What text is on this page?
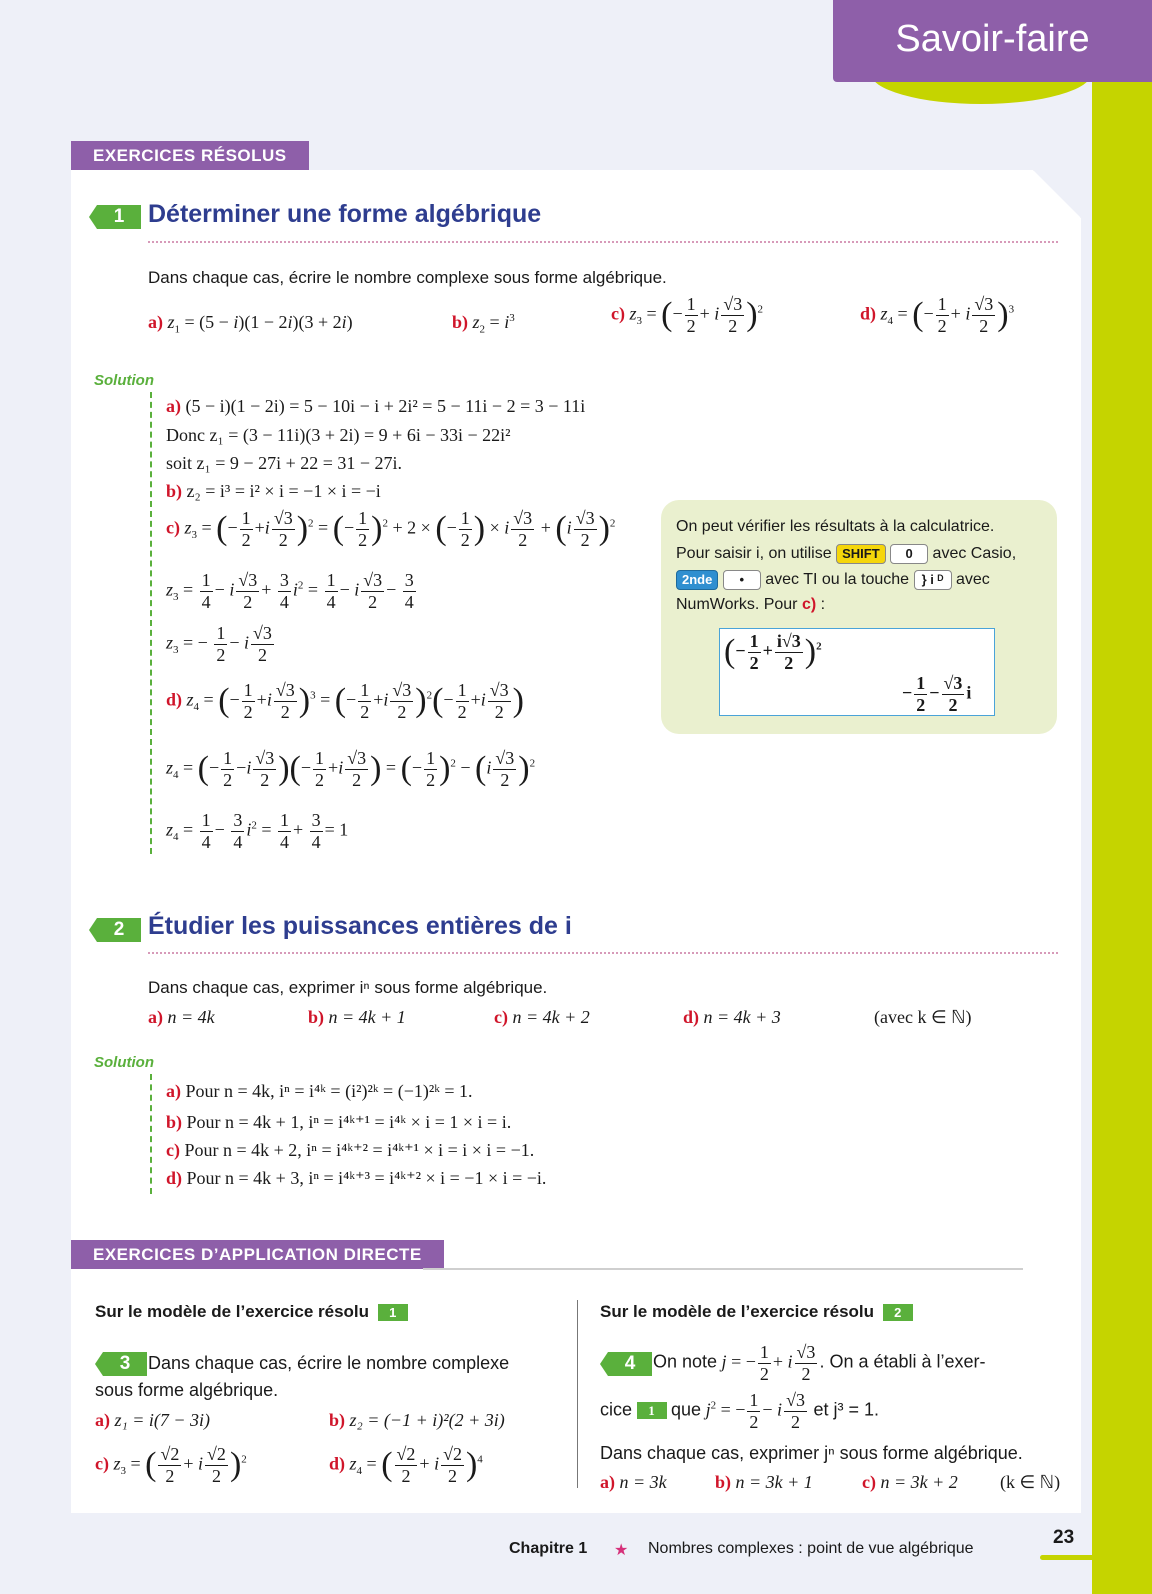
Savoir-faire
EXERCICES RÉSOLUS
1 Déterminer une forme algébrique
Dans chaque cas, écrire le nombre complexe sous forme algébrique.
a) $z_1 = (5 - i)(1 - 2i)(3 + 2i)$	b) $z_2 = i^3$	c) $z_3$ = (− $\frac{1}{2} + i \frac{√3}{2} )^2$	d) $z_4$ = (− $\frac{1}{2} + i \frac{√3}{2} )^3$
Solution
a) (5 − i)(1 − 2i) = 5 − 10i − i + 2i² = 5 − 11i − 2 = 3 − 11i
Donc z₁ = (3 − 11i)(3 + 2i) = 9 + 6i − 33i − 22i²
soit z₁ = 9 − 27i + 22 = 31 − 27i.
b) z₂ = i³ = i² × i = −1 × i = −i
c) $z_3$ = (− $\frac{1}{2} +i \frac{√3}{2} )^2$ = (− $\frac{1}{2} )^2 + 2$ × (− $\frac{1}{2}$ ) × i $\frac{√3}{2} + (i \frac{√3}{2} )^2$
$z_3 = \frac{1}{4} - i \frac{√3}{2} + \frac{3}{4} i^2 = \frac{1}{4} - i \frac{√3}{2} - \frac{3}{4}$
$z_3$ = − $\frac{1}{2} - i \frac{√3}{2}$
d) $z_4$ = (− $\frac{1}{2} +i \frac{√3}{2} )^3$ = (− $\frac{1}{2} +i \frac{√3}{2} )^2(- \frac{1}{2} +i \frac{√3}{2}$ )
$z_4$ = (− $\frac{1}{2} -i \frac{√3}{2}$ )(− $\frac{1}{2} +i \frac{√3}{2}$ ) = (− $\frac{1}{2} )^2 - (i \frac{√3}{2} )^2$
$z_4 = \frac{1}{4} - \frac{3}{4} i^2 = \frac{1}{4} + \frac{3}{4} = 1$
On peut vérifier les résultats à la calculatrice.
Pour saisir i, on utilise SHIFT 0 avec Casio,
2nde • avec TI ou la touche } i ᴰ avec
NumWorks. Pour c) :
(− $\frac{1}{2} + \frac{i√3}{2} )^2$
− $\frac{1}{2} - \frac{√3}{2}$ i
2 Étudier les puissances entières de i
Dans chaque cas, exprimer iⁿ sous forme algébrique.
a) n = 4k	b) n = 4k + 1	c) n = 4k + 2	d) n = 4k + 3	(avec k ∈ ℕ)
Solution
a) Pour n = 4k, iⁿ = i⁴ᵏ = (i²)²ᵏ = (−1)²ᵏ = 1.
b) Pour n = 4k + 1, iⁿ = i⁴ᵏ⁺¹ = i⁴ᵏ × i = 1 × i = i.
c) Pour n = 4k + 2, iⁿ = i⁴ᵏ⁺² = i⁴ᵏ⁺¹ × i = i × i = −1.
d) Pour n = 4k + 3, iⁿ = i⁴ᵏ⁺³ = i⁴ᵏ⁺² × i = −1 × i = −i.
EXERCICES D’APPLICATION DIRECTE
Sur le modèle de l’exercice résolu 1	Sur le modèle de l’exercice résolu 2
3 Dans chaque cas, écrire le nombre complexe
sous forme algébrique.
a) z₁ = i(7 − 3i)	b) z₂ = (−1 + i)²(2 + 3i)
c) $z_3$ = ( $\frac{√2}{2} + i \frac{√2}{2} )^2$	d) $z_4$ = ( $\frac{√2}{2} + i \frac{√2}{2} )^4$
4 On note j = − $\frac{1}{2} + i \frac{√3}{2}$ . On a établi à l’exer-
cice 1 que $j^2$ = − $\frac{1}{2} - i \frac{√3}{2}$ et j³ = 1.
Dans chaque cas, exprimer jⁿ sous forme algébrique.
a) n = 3k	b) n = 3k + 1	c) n = 3k + 2 (k ∈ ℕ)
Chapitre 1 ★ Nombres complexes : point de vue algébrique
23
